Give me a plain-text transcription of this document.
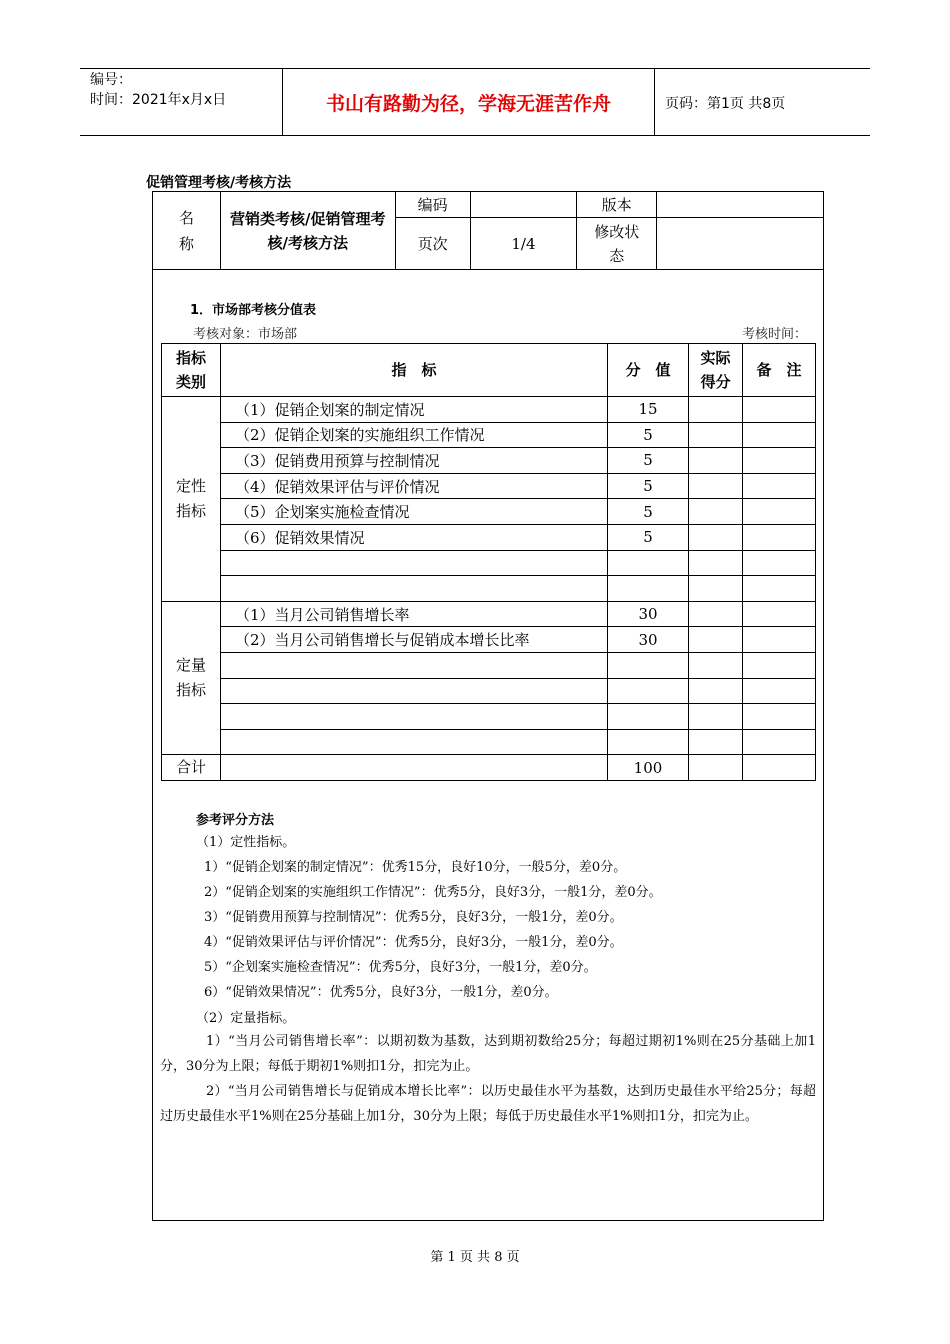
编号：
时间：2021年x月x日	书山有路勤为径，学海无涯苦作舟	页码：第1页 共8页
促销管理考核/考核方法
名
称	营销类考核/促销管理考核/考核方法	编码		版本	
		页次	1/4	修改状态	
1．市场部考核分值表
考核对象：市场部	考核时间：
指标类别	指　标	分　值	实际得分	备　注
定性指标	（1）促销企划案的制定情况	15		
	（2）促销企划案的实施组织工作情况	5		
	（3）促销费用预算与控制情况	5		
	（4）促销效果评估与评价情况	5		
	（5）企划案实施检查情况	5		
	（6）促销效果情况	5		

定量指标	（1）当月公司销售增长率	30		
	（2）当月公司销售增长与促销成本增长比率	30		

合计		100		
参考评分方法
（1）定性指标。
1）“促销企划案的制定情况”：优秀15分，良好10分，一般5分，差0分。
2）“促销企划案的实施组织工作情况”：优秀5分，良好3分，一般1分，差0分。
3）“促销费用预算与控制情况”：优秀5分，良好3分，一般1分，差0分。
4）“促销效果评估与评价情况”：优秀5分，良好3分，一般1分，差0分。
5）“企划案实施检查情况”：优秀5分，良好3分，一般1分，差0分。
6）“促销效果情况”：优秀5分，良好3分，一般1分，差0分。
（2）定量指标。
1）“当月公司销售增长率”：以期初数为基数，达到期初数给25分；每超过期初1%则在25分基础上加1分，30分为上限；每低于期初1%则扣1分，扣完为止。
2）“当月公司销售增长与促销成本增长比率”：以历史最佳水平为基数，达到历史最佳水平给25分；每超过历史最佳水平1%则在25分基础上加1分，30分为上限；每低于历史最佳水平1%则扣1分，扣完为止。
第 1 页 共 8 页
